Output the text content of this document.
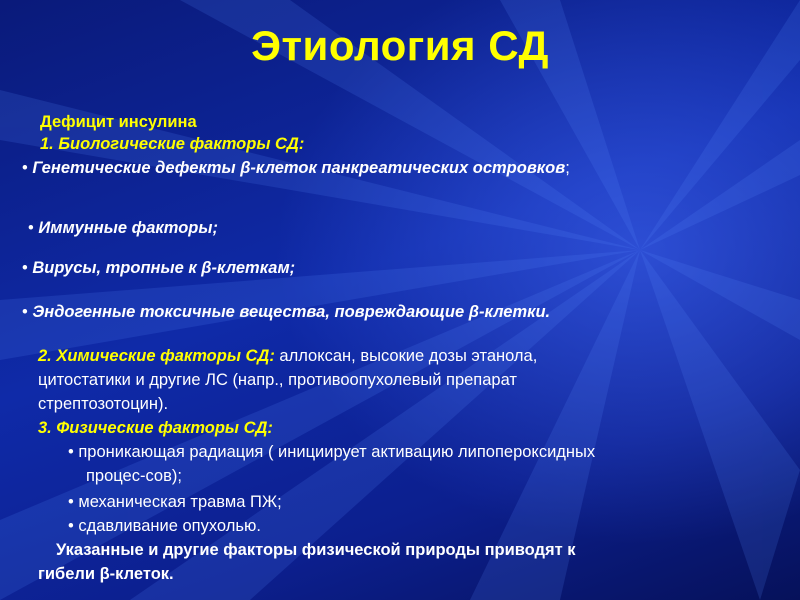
Этиология СД
Дефицит инсулина
1. Биологические факторы СД:
• Генетические дефекты β-клеток панкреатических островков;
• Иммунные факторы;
• Вирусы, тропные к β-клеткам;
• Эндогенные токсичные вещества, повреждающие β-клетки.
2. Химические факторы СД: аллоксан, высокие дозы этанола,
цитостатики и другие ЛС (напр., противоопухолевый препарат
стрептозотоцин).
3. Физические факторы СД:
• проникающая радиация ( инициирует активацию липопероксидных
процес-сов);
• механическая травма ПЖ;
• сдавливание опухолью.
Указанные и другие факторы физической природы приводят к
гибели β-клеток.
